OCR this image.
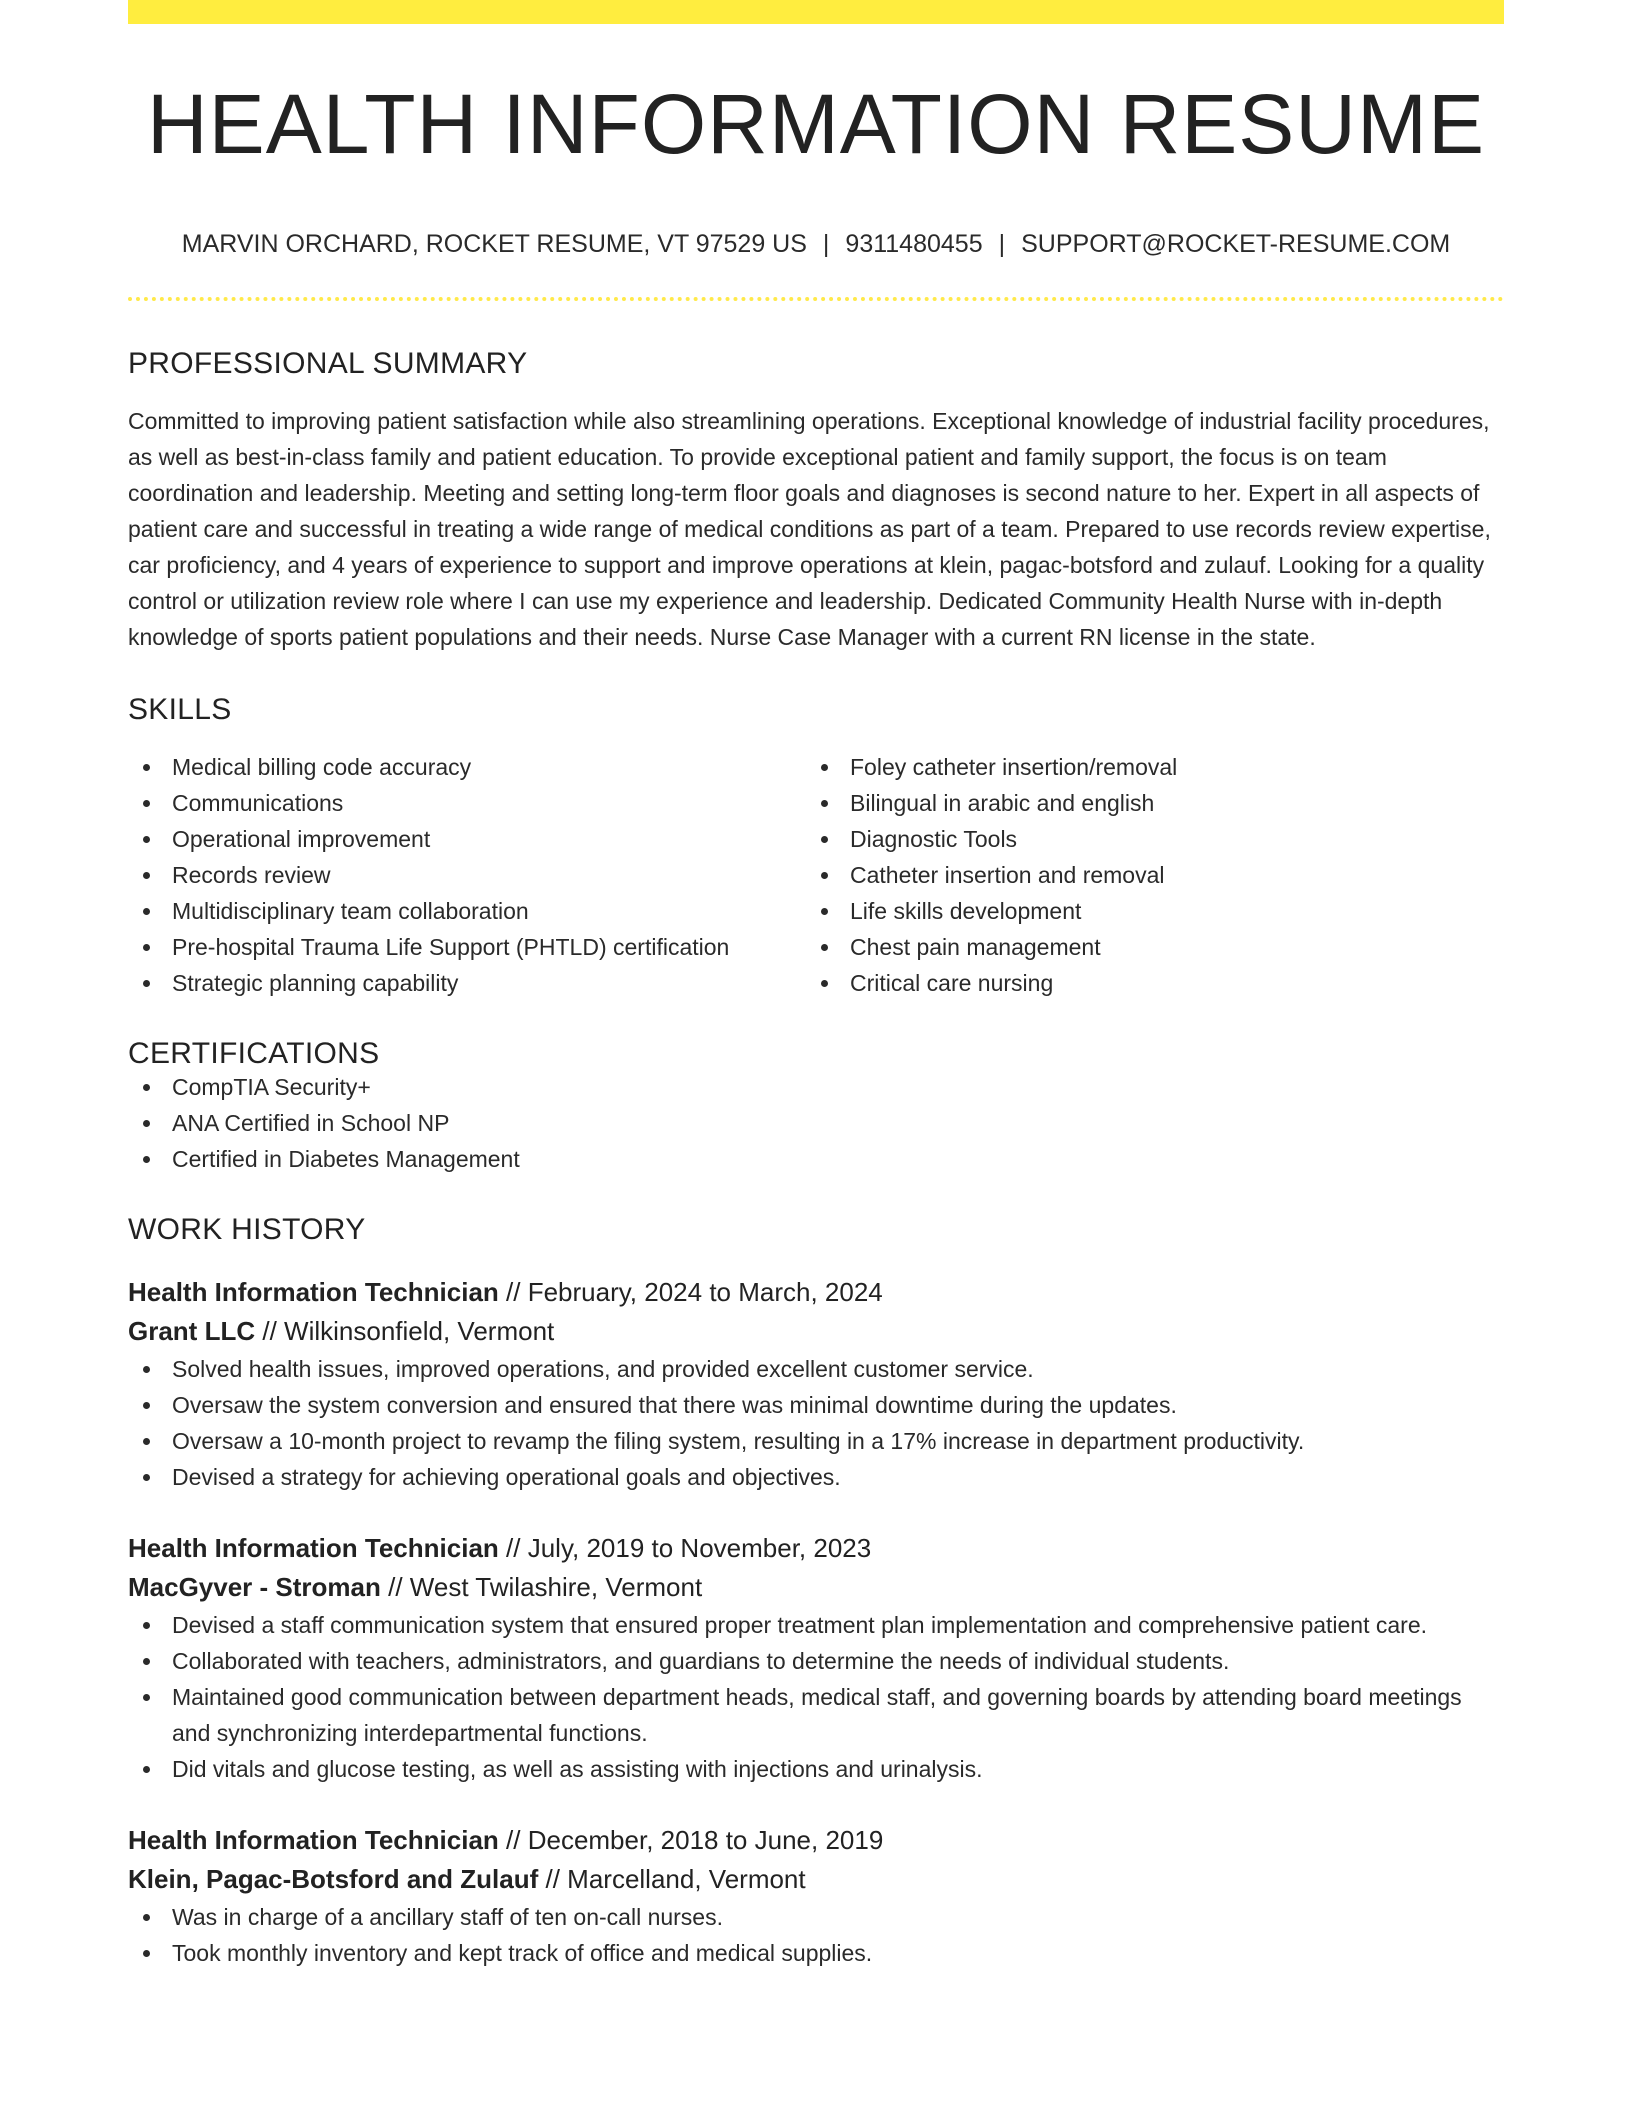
HEALTH INFORMATION RESUME
MARVIN ORCHARD, ROCKET RESUME, VT 97529 US | 9311480455 | SUPPORT@ROCKET-RESUME.COM
PROFESSIONAL SUMMARY

Committed to improving patient satisfaction while also streamlining operations. Exceptional knowledge of industrial facility procedures, as well as best-in-class family and patient education. To provide exceptional patient and family support, the focus is on team coordination and leadership. Meeting and setting long-term floor goals and diagnoses is second nature to her. Expert in all aspects of patient care and successful in treating a wide range of medical conditions as part of a team. Prepared to use records review expertise, car proficiency, and 4 years of experience to support and improve operations at klein, pagac-botsford and zulauf. Looking for a quality control or utilization review role where I can use my experience and leadership. Dedicated Community Health Nurse with in-depth knowledge of sports patient populations and their needs. Nurse Case Manager with a current RN license in the state.

SKILLS
Medical billing code accuracy
Communications
Operational improvement
Records review
Multidisciplinary team collaboration
Pre-hospital Trauma Life Support (PHTLD) certification
Strategic planning capability
Foley catheter insertion/removal
Bilingual in arabic and english
Diagnostic Tools
Catheter insertion and removal
Life skills development
Chest pain management
Critical care nursing
CERTIFICATIONS
CompTIA Security+
ANA Certified in School NP
Certified in Diabetes Management
WORK HISTORY
Health Information Technician // February, 2024 to March, 2024
Grant LLC // Wilkinsonfield, Vermont
Solved health issues, improved operations, and provided excellent customer service.
Oversaw the system conversion and ensured that there was minimal downtime during the updates.
Oversaw a 10-month project to revamp the filing system, resulting in a 17% increase in department productivity.
Devised a strategy for achieving operational goals and objectives.
Health Information Technician // July, 2019 to November, 2023
MacGyver - Stroman // West Twilashire, Vermont
Devised a staff communication system that ensured proper treatment plan implementation and comprehensive patient care.
Collaborated with teachers, administrators, and guardians to determine the needs of individual students.
Maintained good communication between department heads, medical staff, and governing boards by attending board meetings and synchronizing interdepartmental functions.
Did vitals and glucose testing, as well as assisting with injections and urinalysis.
Health Information Technician // December, 2018 to June, 2019
Klein, Pagac-Botsford and Zulauf // Marcelland, Vermont
Was in charge of a ancillary staff of ten on-call nurses.
Took monthly inventory and kept track of office and medical supplies.
